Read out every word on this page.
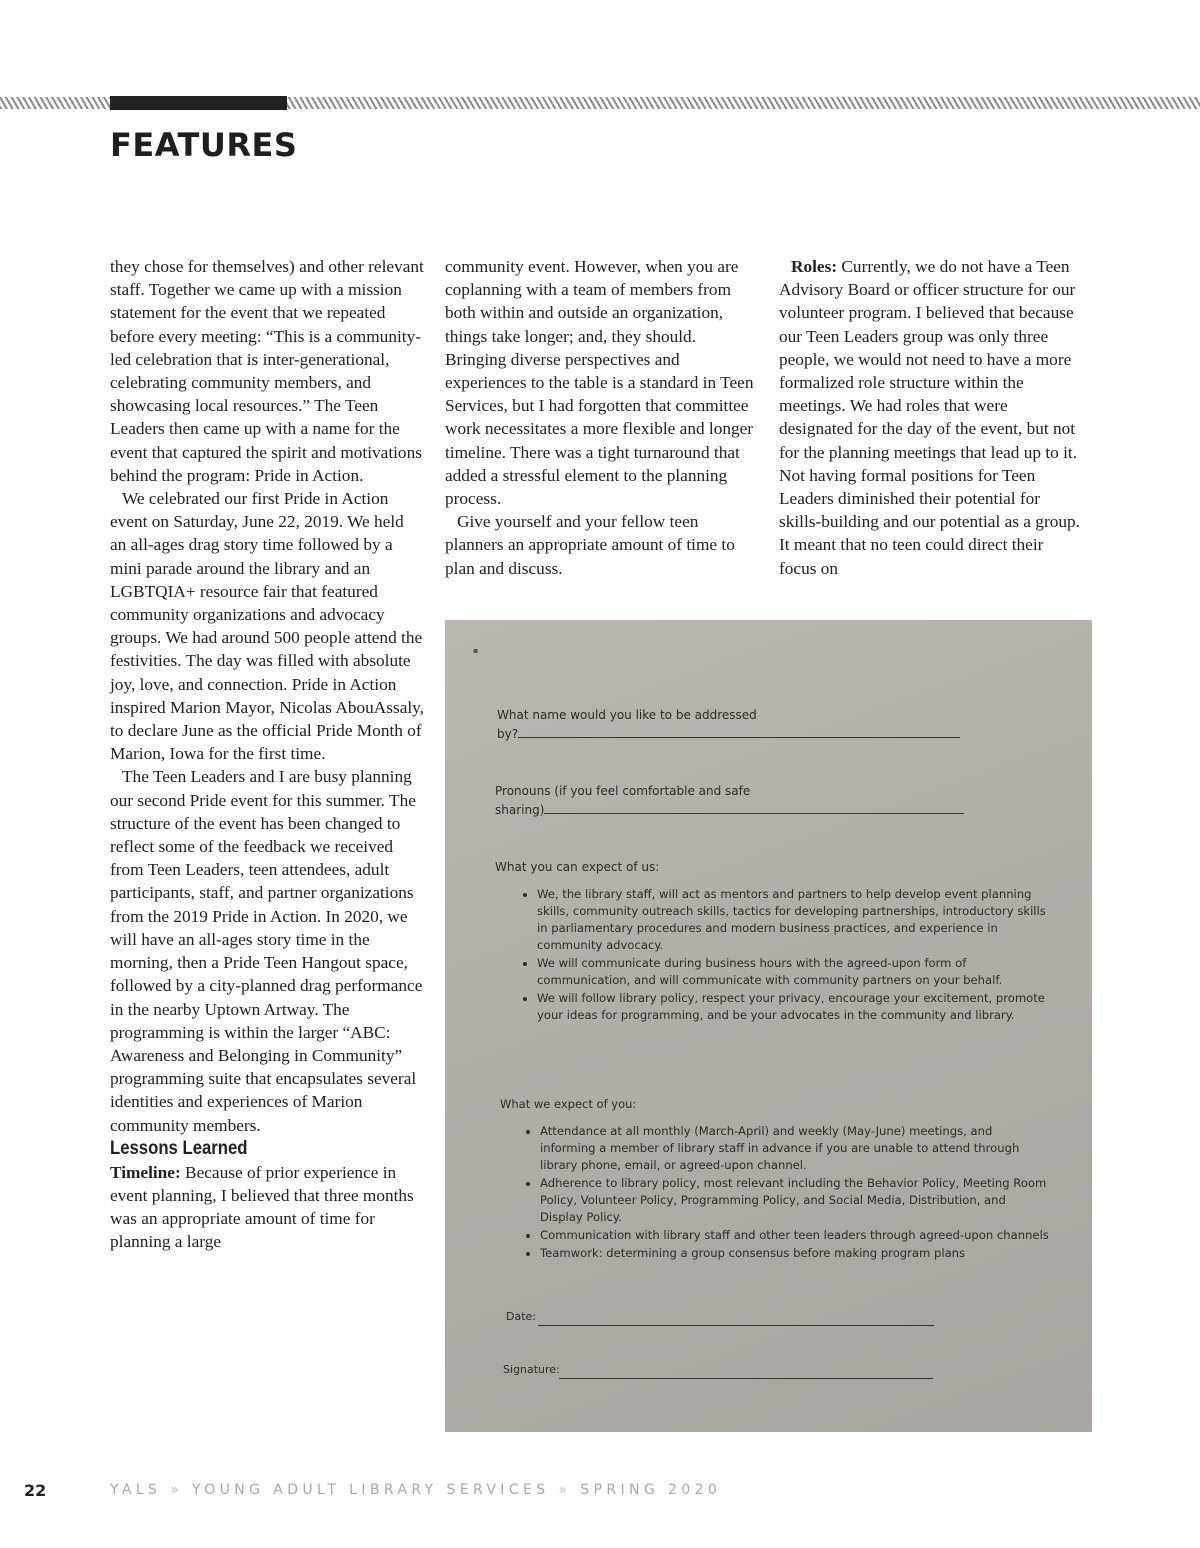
FEATURES

they chose for themselves) and other relevant staff. Together we came up with a mission statement for the event that we repeated before every meeting: “This is a community-led celebration that is inter-generational, celebrating community members, and showcasing local resources.” The Teen Leaders then came up with a name for the event that captured the spirit and motivations behind the program: Pride in Action.

We celebrated our first Pride in Action event on Saturday, June 22, 2019. We held an all-ages drag story time followed by a mini parade around the library and an LGBTQIA+ resource fair that featured community organizations and advocacy groups. We had around 500 people attend the festivities. The day was filled with absolute joy, love, and connection. Pride in Action inspired Marion Mayor, Nicolas AbouAssaly, to declare June as the official Pride Month of Marion, Iowa for the first time.

The Teen Leaders and I are busy planning our second Pride event for this summer. The structure of the event has been changed to reflect some of the feedback we received from Teen Leaders, teen attendees, adult participants, staff, and partner organizations from the 2019 Pride in Action. In 2020, we will have an all-ages story time in the morning, then a Pride Teen Hangout space, followed by a city-planned drag performance in the nearby Uptown Artway. The programming is within the larger “ABC: Awareness and Belonging in Community” programming suite that encapsulates several identities and experiences of Marion community members.

Lessons Learned

Timeline: Because of prior experience in event planning, I believed that three months was an appropriate amount of time for planning a large

community event. However, when you are coplanning with a team of members from both within and outside an organization, things take longer; and, they should. Bringing diverse perspectives and experiences to the table is a standard in Teen Services, but I had forgotten that committee work necessitates a more flexible and longer timeline. There was a tight turnaround that added a stressful element to the planning process.

Give yourself and your fellow teen planners an appropriate amount of time to plan and discuss.

Roles: Currently, we do not have a Teen Advisory Board or officer structure for our volunteer program. I believed that because our Teen Leaders group was only three people, we would not need to have a more formalized role structure within the meetings. We had roles that were designated for the day of the event, but not for the planning meetings that lead up to it. Not having formal positions for Teen Leaders diminished their potential for skills-building and our potential as a group. It meant that no teen could direct their focus on

▪
What name would you like to be addressed
by?
Pronouns (if you feel comfortable and safe
sharing)
What you can expect of us:
• We, the library staff, will act as mentors and partners to help develop event planning skills, community outreach skills, tactics for developing partnerships, introductory skills in parliamentary procedures and modern business practices, and experience in community advocacy.
• We will communicate during business hours with the agreed-upon form of communication, and will communicate with community partners on your behalf.
• We will follow library policy, respect your privacy, encourage your excitement, promote your ideas for programming, and be your advocates in the community and library.
What we expect of you:
• Attendance at all monthly (March-April) and weekly (May-June) meetings, and informing a member of library staff in advance if you are unable to attend through library phone, email, or agreed-upon channel.
• Adherence to library policy, most relevant including the Behavior Policy, Meeting Room Policy, Volunteer Policy, Programming Policy, and Social Media, Distribution, and Display Policy.
• Communication with library staff and other teen leaders through agreed-upon channels
• Teamwork: determining a group consensus before making program plans
Date:
Signature:
22	YALS » YOUNG ADULT LIBRARY SERVICES » SPRING 2020
